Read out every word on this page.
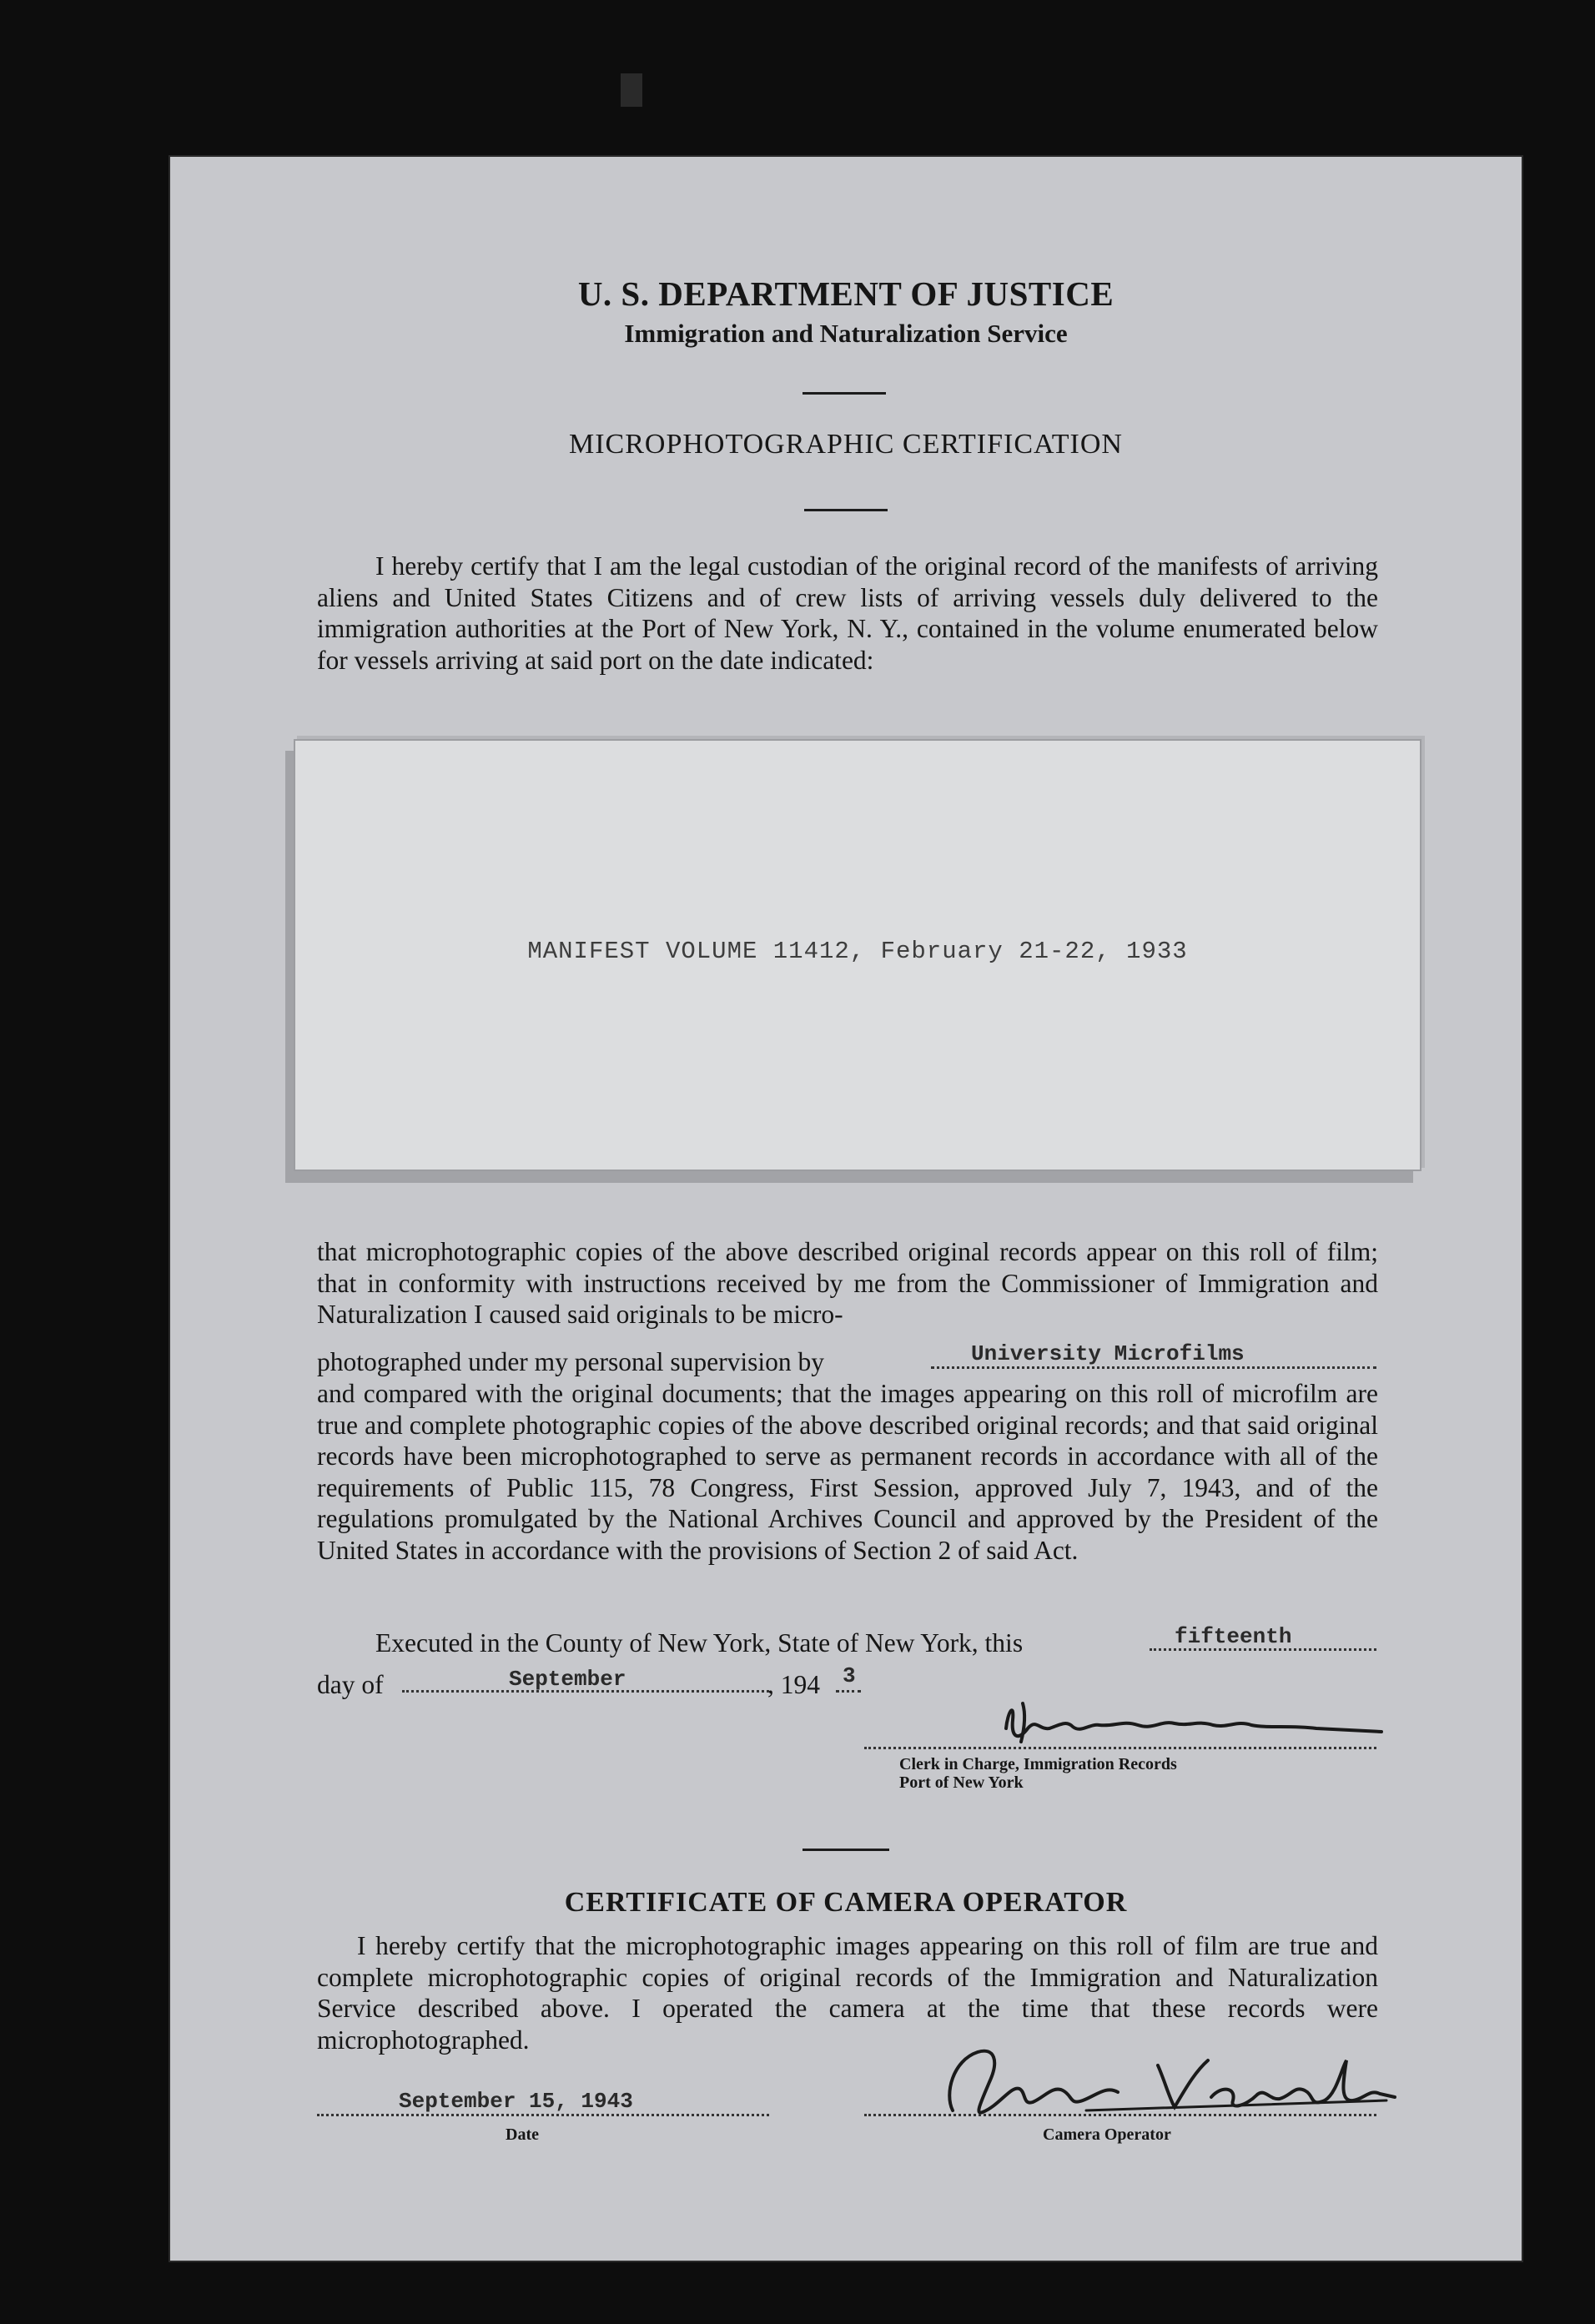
U. S. DEPARTMENT OF JUSTICE
Immigration and Naturalization Service
MICROPHOTOGRAPHIC CERTIFICATION
I hereby certify that I am the legal custodian of the original record of the manifests of arriving aliens and United States Citizens and of crew lists of arriving vessels duly delivered to the immigration authorities at the Port of New York, N. Y., contained in the volume enumerated below for vessels arriving at said port on the date indicated:
MANIFEST VOLUME 11412, February 21-22, 1933
that microphotographic copies of the above described original records appear on this roll of film; that in conformity with instructions received by me from the Commissioner of Immigration and Naturalization I caused said originals to be micro-
photographed under my personal supervision by	University Microfilms
and compared with the original documents; that the images appearing on this roll of microfilm are true and complete photographic copies of the above described original records; and that said original records have been microphotographed to serve as permanent records in accordance with all of the requirements of Public 115, 78 Congress, First Session, approved July 7, 1943, and of the regulations promulgated by the National Archives Council and approved by the President of the United States in accordance with the provisions of Section 2 of said Act.
Executed in the County of New York, State of New York, this	fifteenth
day of	September	, 194 3
Clerk in Charge, Immigration Records
Port of New York
CERTIFICATE OF CAMERA OPERATOR
I hereby certify that the microphotographic images appearing on this roll of film are true and complete microphotographic copies of original records of the Immigration and Naturalization Service described above. I operated the camera at the time that these records were microphotographed.
September 15, 1943
Date	Camera Operator
